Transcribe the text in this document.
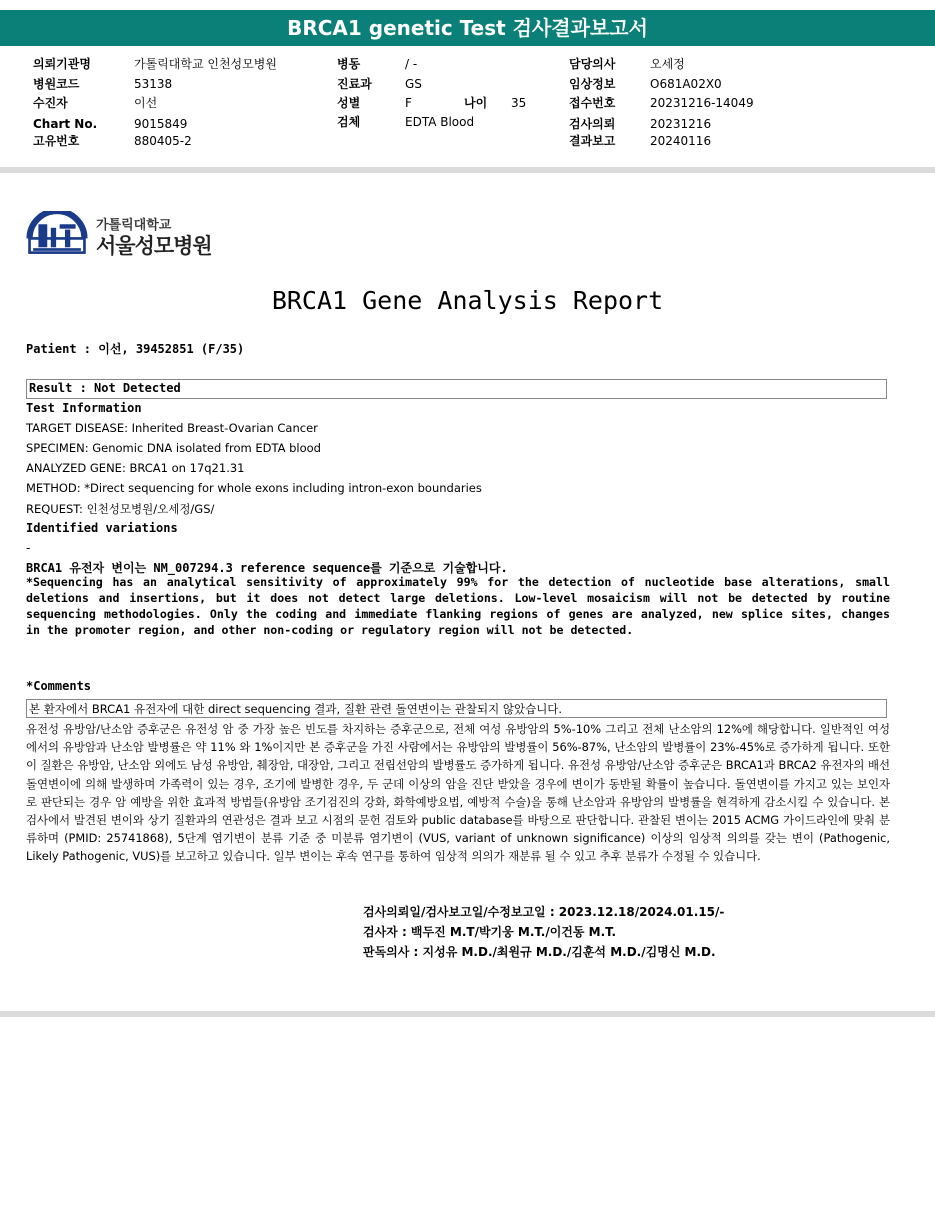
BRCA1 genetic Test 검사결과보고서
의뢰기관명	가톨릭대학교 인천성모병원
병원코드	53138
수진자	이선
Chart No.	9015849
고유번호	880405-2
병동	/ -
진료과	GS
성별	F	나이 35
검체	EDTA Blood
담당의사	오세정
임상정보	O681A02X0
접수번호	20231216-14049
검사의뢰	20231216
결과보고	20240116
가톨릭대학교
서울성모병원
BRCA1 Gene Analysis Report
Patient : 이선, 39452851 (F/35)
Result : Not Detected
Test Information
TARGET DISEASE: Inherited Breast-Ovarian Cancer
SPECIMEN: Genomic DNA isolated from EDTA blood
ANALYZED GENE: BRCA1 on 17q21.31
METHOD: *Direct sequencing for whole exons including intron-exon boundaries
REQUEST: 인천성모병원/오세정/GS/
Identified variations
-
BRCA1 유전자 변이는 NM_007294.3 reference sequence를 기준으로 기술합니다.
*Sequencing has an analytical sensitivity of approximately 99% for the detection of nucleotide base alterations, small deletions and insertions, but it does not detect large deletions. Low-level mosaicism will not be detected by routine sequencing methodologies. Only the coding and immediate flanking regions of genes are analyzed, new splice sites, changes in the promoter region, and other non-coding or regulatory region will not be detected.
*Comments
본 환자에서 BRCA1 유전자에 대한 direct sequencing 결과, 질환 관련 돌연변이는 관찰되지 않았습니다.
유전성 유방암/난소암 증후군은 유전성 암 중 가장 높은 빈도를 차지하는 증후군으로, 전체 여성 유방암의 5%-10% 그리고 전체 난소암의 12%에 해당합니다. 일반적인 여성에서의 유방암과 난소암 발병률은 약 11% 와 1%이지만 본 증후군을 가진 사람에서는 유방암의 발병률이 56%-87%, 난소암의 발병률이 23%-45%로 증가하게 됩니다. 또한 이 질환은 유방암, 난소암 외에도 남성 유방암, 췌장암, 대장암, 그리고 전립선암의 발병률도 증가하게 됩니다. 유전성 유방암/난소암 증후군은 BRCA1과 BRCA2 유전자의 배선 돌연변이에 의해 발생하며 가족력이 있는 경우, 조기에 발병한 경우, 두 군데 이상의 암을 진단 받았을 경우에 변이가 동반될 확률이 높습니다. 돌연변이를 가지고 있는 보인자로 판단되는 경우 암 예방을 위한 효과적 방법들(유방암 조기검진의 강화, 화학예방요법, 예방적 수술)을 통해 난소암과 유방암의 발병률을 현격하게 감소시킬 수 있습니다. 본 검사에서 발견된 변이와 상기 질환과의 연관성은 결과 보고 시점의 문헌 검토와 public database를 바탕으로 판단합니다. 관찰된 변이는 2015 ACMG 가이드라인에 맞춰 분류하며 (PMID: 25741868), 5단계 염기변이 분류 기준 중 미분류 염기변이 (VUS, variant of unknown significance) 이상의 임상적 의의를 갖는 변이 (Pathogenic, Likely Pathogenic, VUS)를 보고하고 있습니다. 일부 변이는 후속 연구를 통하여 임상적 의의가 재분류 될 수 있고 추후 분류가 수정될 수 있습니다.
검사의뢰일/검사보고일/수정보고일 : 2023.12.18/2024.01.15/-
검사자 : 백두진 M.T/박기웅 M.T./이건동 M.T.
판독의사 : 지성유 M.D./최원규 M.D./김훈석 M.D./김명신 M.D.
